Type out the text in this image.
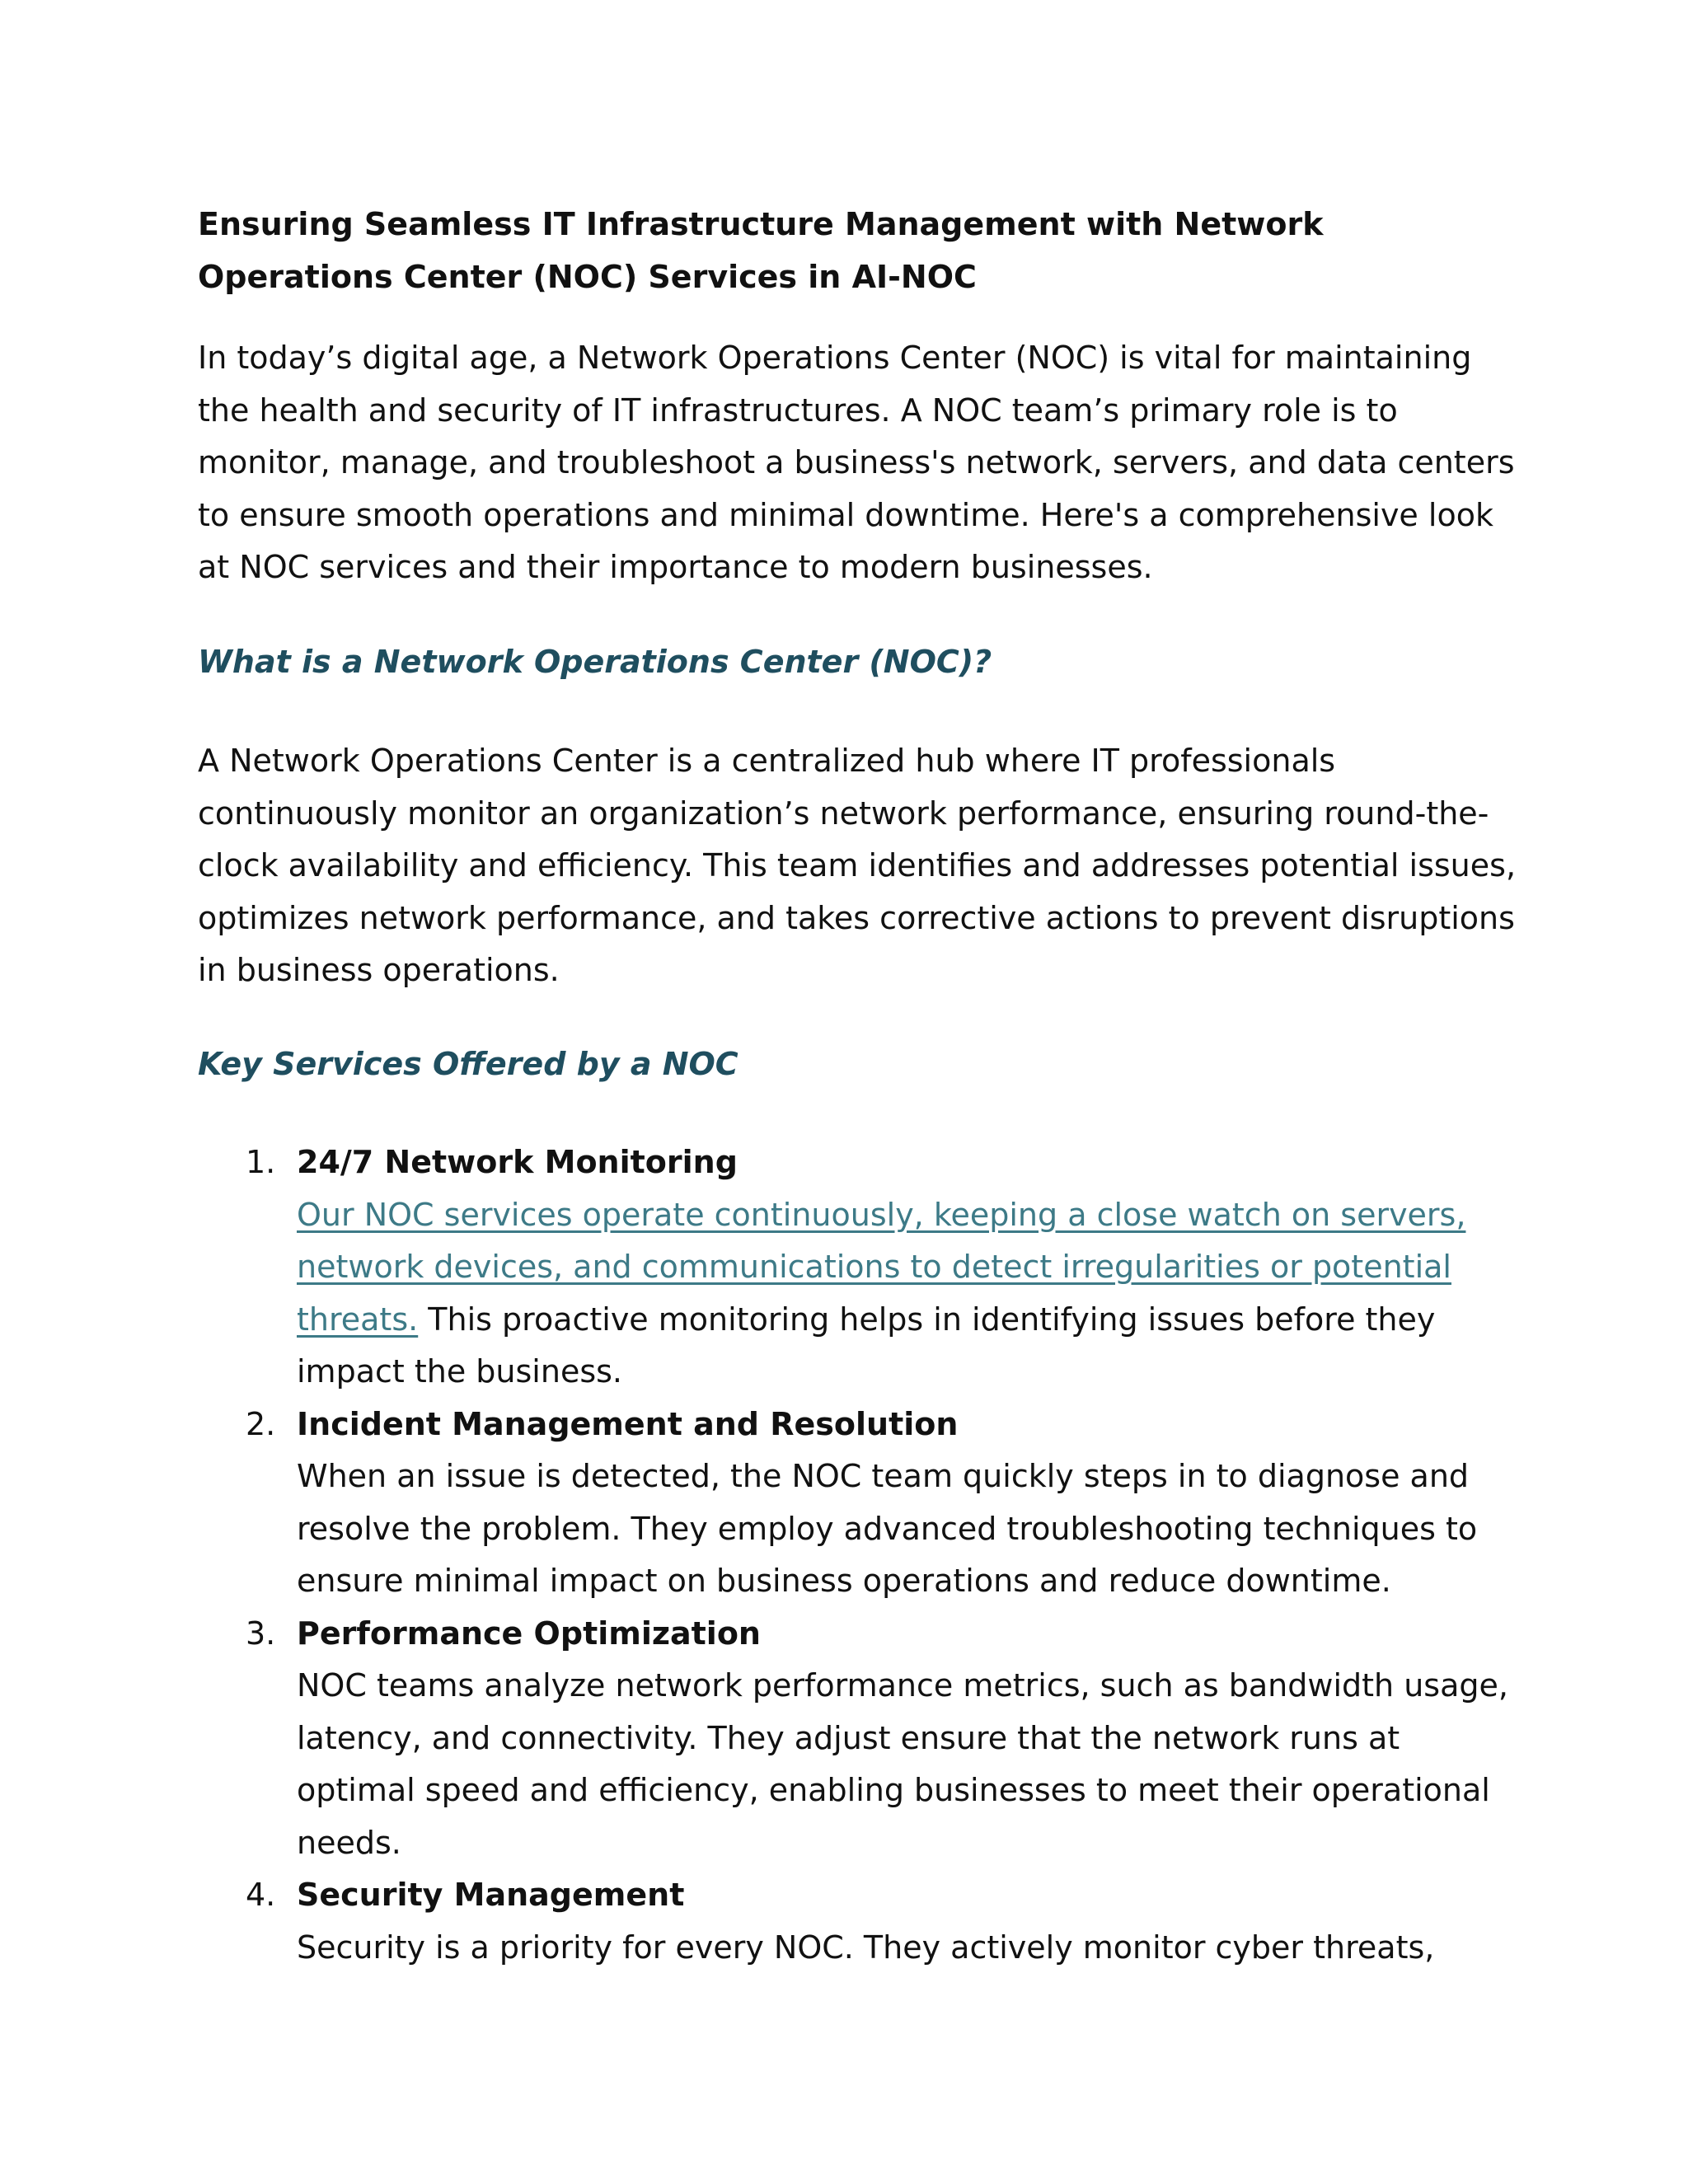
Ensuring Seamless IT Infrastructure Management with Network Operations Center (NOC) Services in AI-NOC

In today’s digital age, a Network Operations Center (NOC) is vital for maintaining the health and security of IT infrastructures. A NOC team’s primary role is to monitor, manage, and troubleshoot a business's network, servers, and data centers to ensure smooth operations and minimal downtime. Here's a comprehensive look at NOC services and their importance to modern businesses.

What is a Network Operations Center (NOC)?

A Network Operations Center is a centralized hub where IT professionals continuously monitor an organization’s network performance, ensuring round-the-clock availability and efficiency. This team identifies and addresses potential issues, optimizes network performance, and takes corrective actions to prevent disruptions in business operations.

Key Services Offered by a NOC
1. 24/7 Network Monitoring
Our NOC services operate continuously, keeping a close watch on servers, network devices, and communications to detect irregularities or potential threats. This proactive monitoring helps in identifying issues before they impact the business.
2. Incident Management and Resolution
When an issue is detected, the NOC team quickly steps in to diagnose and resolve the problem. They employ advanced troubleshooting techniques to ensure minimal impact on business operations and reduce downtime.
3. Performance Optimization
NOC teams analyze network performance metrics, such as bandwidth usage, latency, and connectivity. They adjust ensure that the network runs at optimal speed and efficiency, enabling businesses to meet their operational needs.
4. Security Management
Security is a priority for every NOC. They actively monitor cyber threats,
